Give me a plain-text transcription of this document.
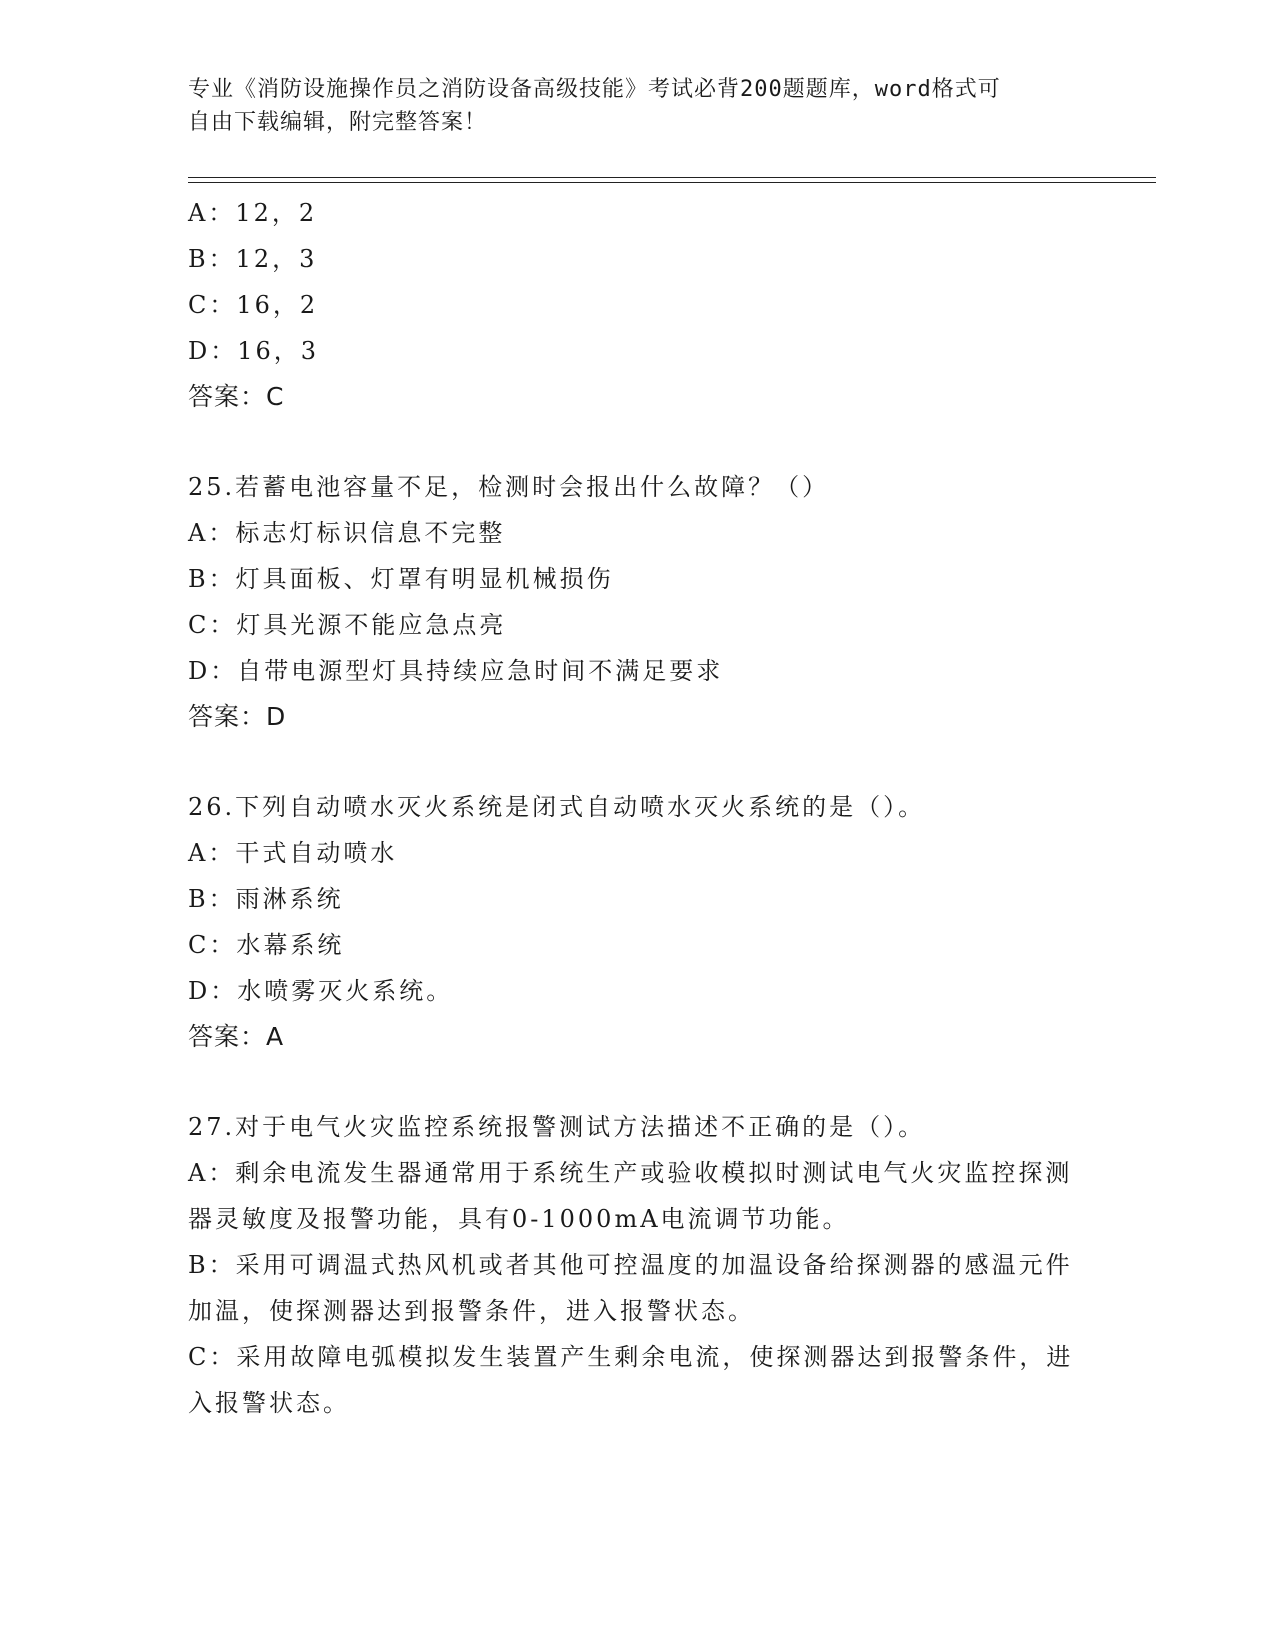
专业《消防设施操作员之消防设备高级技能》考试必背200题题库，word格式可
自由下载编辑，附完整答案！
A：12，2
B：12，3
C：16，2
D：16，3
答案：C
25.若蓄电池容量不足，检测时会报出什么故障？（）
A：标志灯标识信息不完整
B：灯具面板、灯罩有明显机械损伤
C：灯具光源不能应急点亮
D：自带电源型灯具持续应急时间不满足要求
答案：D
26.下列自动喷水灭火系统是闭式自动喷水灭火系统的是（）。
A：干式自动喷水
B：雨淋系统
C：水幕系统
D：水喷雾灭火系统。
答案：A
27.对于电气火灾监控系统报警测试方法描述不正确的是（）。
A：剩余电流发生器通常用于系统生产或验收模拟时测试电气火灾监控探测器灵敏度及报警功能，具有0-1000mA电流调节功能。
B：采用可调温式热风机或者其他可控温度的加温设备给探测器的感温元件加温，使探测器达到报警条件，进入报警状态。
C：采用故障电弧模拟发生装置产生剩余电流，使探测器达到报警条件，进入报警状态。
